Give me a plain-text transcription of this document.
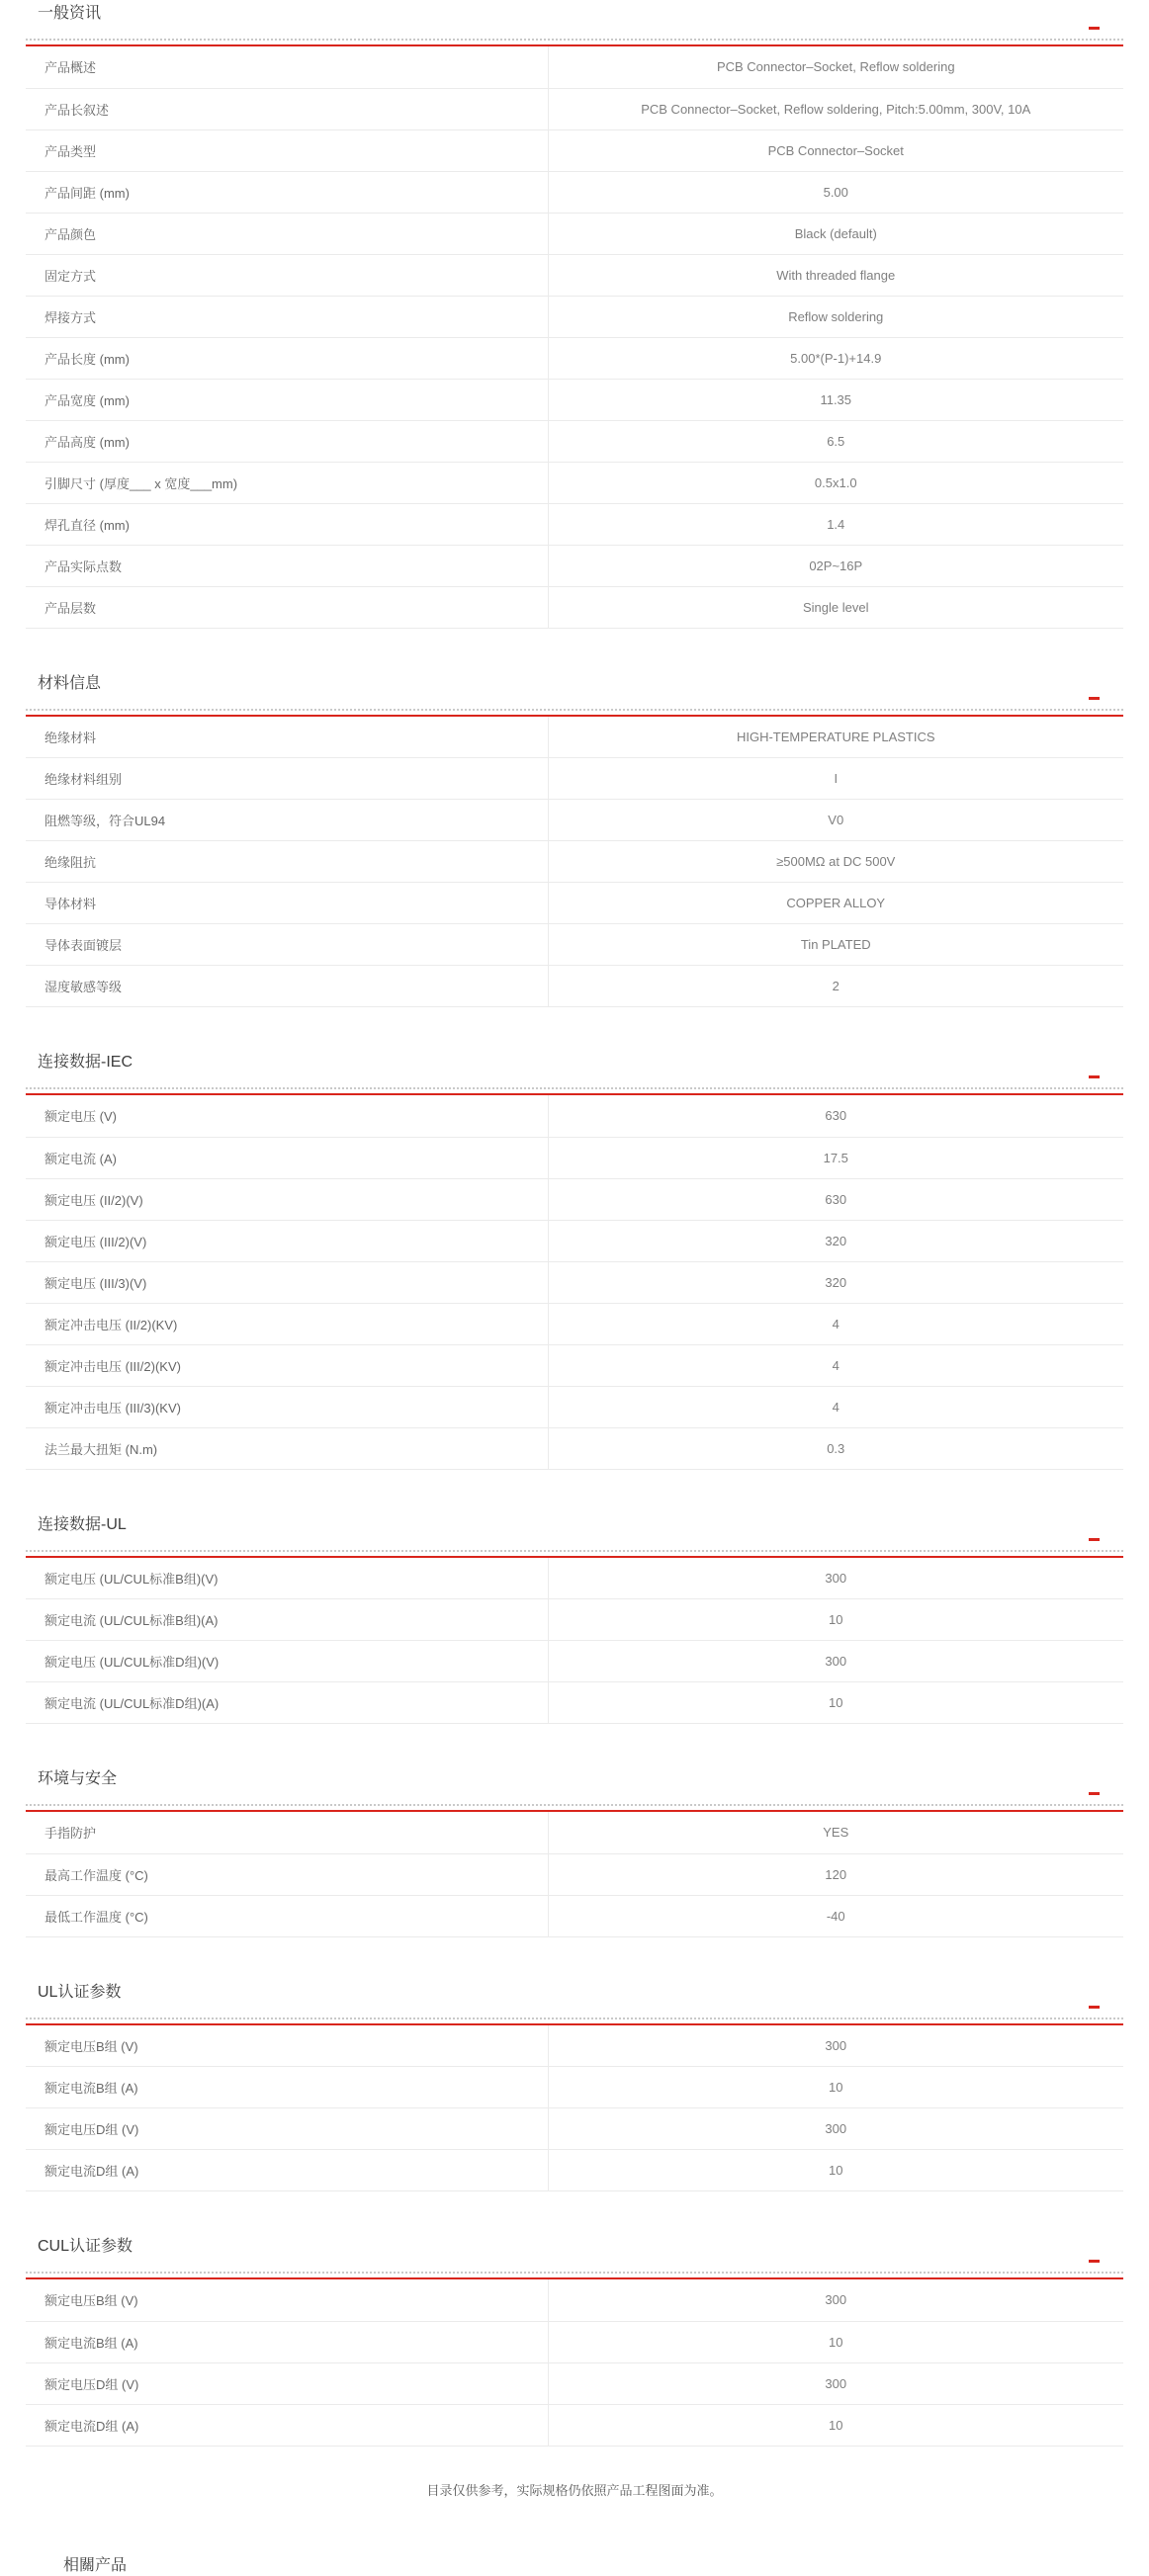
一般资讯
产品概述	PCB Connector–Socket, Reflow soldering
产品长叙述	PCB Connector–Socket, Reflow soldering, Pitch:5.00mm, 300V, 10A
产品类型	PCB Connector–Socket
产品间距 (mm)	5.00
产品颜色	Black (default)
固定方式	With threaded flange
焊接方式	Reflow soldering
产品长度 (mm)	5.00*(P-1)+14.9
产品宽度 (mm)	11.35
产品高度 (mm)	6.5
引脚尺寸 (厚度___ x 宽度___mm)	0.5x1.0
焊孔直径 (mm)	1.4
产品实际点数	02P~16P
产品层数	Single level
材料信息
绝缘材料	HIGH-TEMPERATURE PLASTICS
绝缘材料组别	I
阻燃等级，符合UL94	V0
绝缘阻抗	≥500MΩ at DC 500V
导体材料	COPPER ALLOY
导体表面镀层	Tin PLATED
湿度敏感等级	2
连接数据-IEC
额定电压 (V)	630
额定电流 (A)	17.5
额定电压 (II/2)(V)	630
额定电压 (III/2)(V)	320
额定电压 (III/3)(V)	320
额定冲击电压 (II/2)(KV)	4
额定冲击电压 (III/2)(KV)	4
额定冲击电压 (III/3)(KV)	4
法兰最大扭矩 (N.m)	0.3
连接数据-UL
额定电压 (UL/CUL标准B组)(V)	300
额定电流 (UL/CUL标准B组)(A)	10
额定电压 (UL/CUL标准D组)(V)	300
额定电流 (UL/CUL标准D组)(A)	10
环境与安全
手指防护	YES
最高工作温度 (°C)	120
最低工作温度 (°C)	-40
UL认证参数
额定电压B组 (V)	300
额定电流B组 (A)	10
额定电压D组 (V)	300
额定电流D组 (A)	10
CUL认证参数
额定电压B组 (V)	300
额定电流B组 (A)	10
额定电压D组 (V)	300
额定电流D组 (A)	10
目录仅供参考，实际规格仍依照产品工程图面为准。
相關产品
